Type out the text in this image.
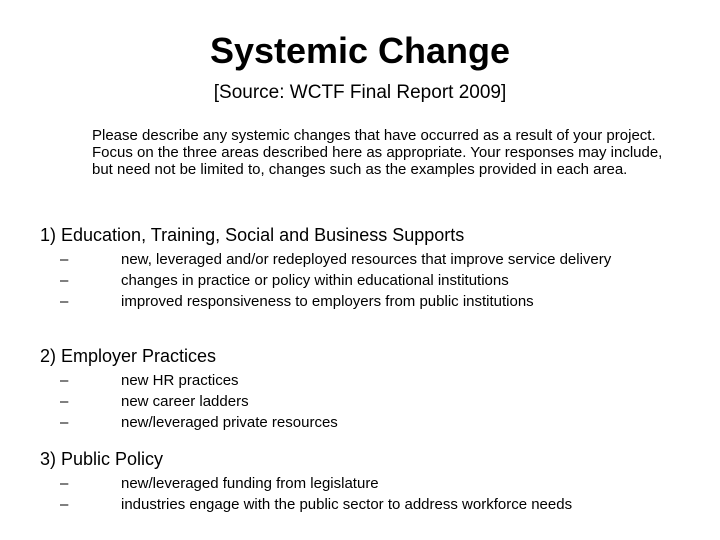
Systemic Change
[Source: WCTF Final Report 2009]
Please describe any systemic changes that have occurred as a result of your project. Focus on the three areas described here as appropriate. Your responses may include, but need not be limited to, changes such as the examples provided in each area.
1) Education, Training, Social and Business Supports
–	new, leveraged and/or redeployed resources that improve service delivery
–	changes in practice or policy within educational institutions
–	improved responsiveness to employers from public institutions
2) Employer Practices
–	new HR practices
–	new career ladders
–	new/leveraged private resources
3) Public Policy
–	new/leveraged funding from legislature
–	industries engage with the public sector to address workforce needs
